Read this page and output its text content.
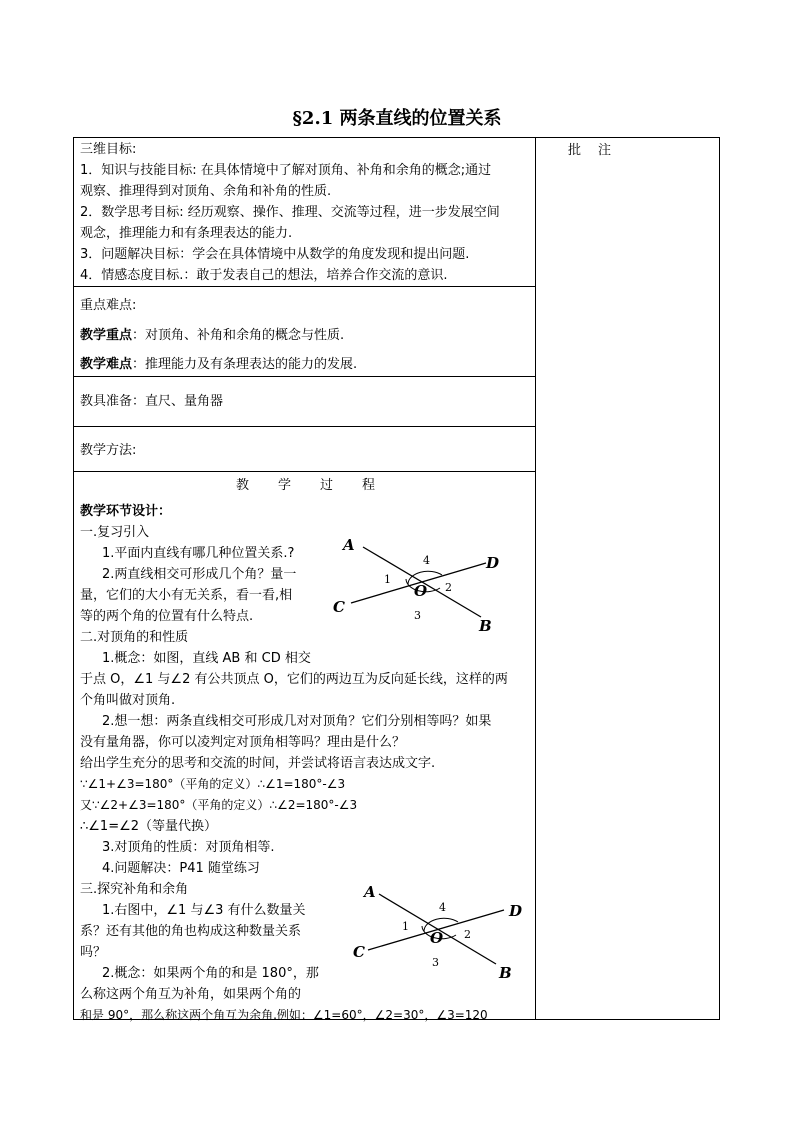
§2.1 两条直线的位置关系
批　注
三维目标:
1．知识与技能目标: 在具体情境中了解对顶角、补角和余角的概念;通过
观察、推理得到对顶角、余角和补角的性质.
2．数学思考目标: 经历观察、操作、推理、交流等过程，进一步发展空间
观念，推理能力和有条理表达的能力.
3．问题解决目标：学会在具体情境中从数学的角度发现和提出问题.
4．情感态度目标.：敢于发表自己的想法，培养合作交流的意识.
重点难点:
教学重点：对顶角、补角和余角的概念与性质.
教学难点：推理能力及有条理表达的能力的发展.
教具准备：直尺、量角器
教学方法:
教　　学　　过　　程
教学环节设计：
一.复习引入
1.平面内直线有哪几种位置关系.?
2.两直线相交可形成几个角？量一
量，它们的大小有无关系，看一看,相
等的两个角的位置有什么特点.
二.对顶角的和性质
1.概念：如图，直线 AB 和 CD 相交
于点 O，∠1 与∠2 有公共顶点 O，它们的两边互为反向延长线，这样的两
个角叫做对顶角.
2.想一想：两条直线相交可形成几对对顶角？它们分别相等吗？如果
没有量角器，你可以凌判定对顶角相等吗？理由是什么？
给出学生充分的思考和交流的时间，并尝试将语言表达成文字.
∵∠1+∠3=180°（平角的定义）∴∠1=180°-∠3
又∵∠2+∠3=180°（平角的定义）∴∠2=180°-∠3
∴∠1=∠2（等量代换）
3.对顶角的性质：对顶角相等.
4.问题解决：P41 随堂练习
三.探究补角和余角
1.右图中，∠1 与∠3 有什么数量关
系？还有其他的角也构成这种数量关系
吗？
2.概念：如果两个角的和是 180°，那
么称这两个角互为补角，如果两个角的
和是 90°，那么称这两个角互为余角.例如：∠1=60°，∠2=30°，∠3=120
A
D
C
B
O
1
2
3
4
A
D
C
B
O
1
2
3
4
